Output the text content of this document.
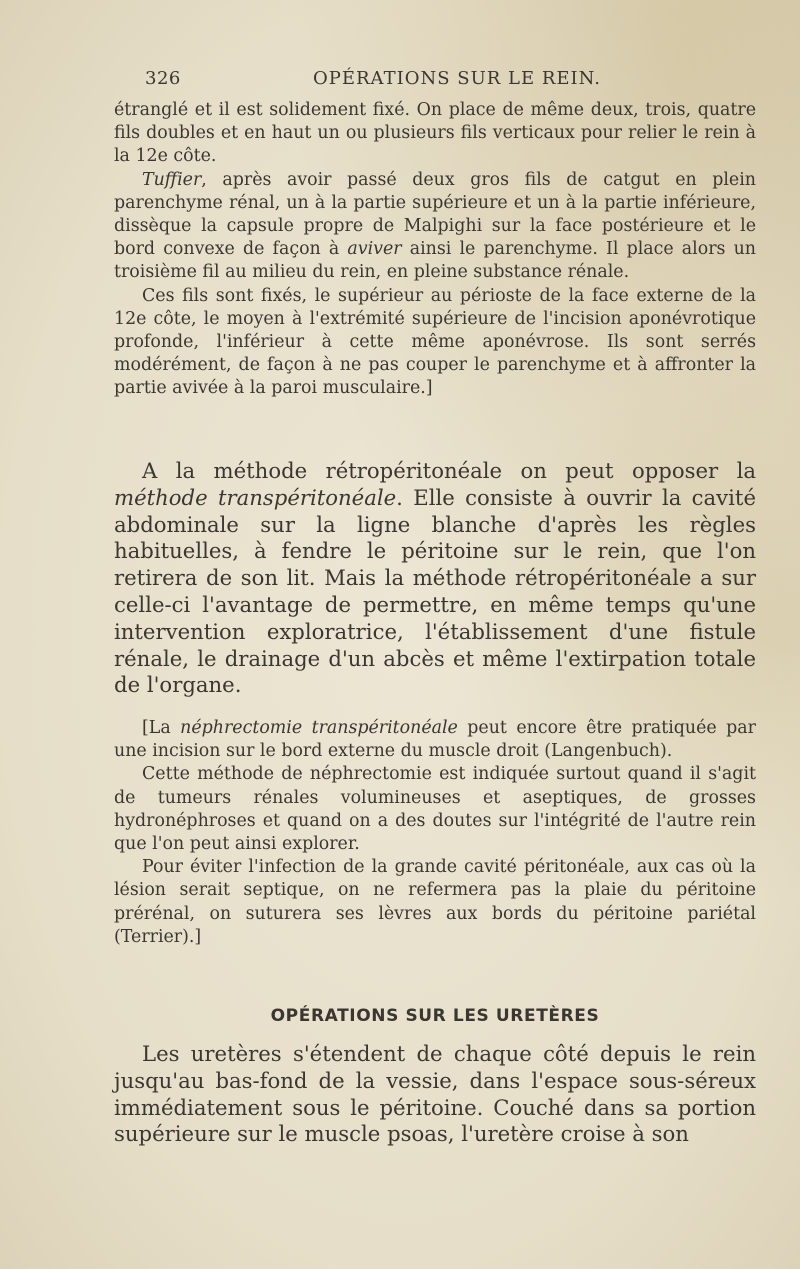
326	OPÉRATIONS SUR LE REIN.

étranglé et il est solidement fixé. On place de même deux, trois, quatre fils doubles et en haut un ou plusieurs fils verticaux pour relier le rein à la 12e côte.

Tuffier, après avoir passé deux gros fils de catgut en plein parenchyme rénal, un à la partie supérieure et un à la partie inférieure, dissèque la capsule propre de Malpighi sur la face postérieure et le bord convexe de façon à aviver ainsi le parenchyme. Il place alors un troisième fil au milieu du rein, en pleine substance rénale.

Ces fils sont fixés, le supérieur au périoste de la face externe de la 12e côte, le moyen à l'extrémité supérieure de l'incision aponévrotique profonde, l'inférieur à cette même aponévrose. Ils sont serrés modérément, de façon à ne pas couper le parenchyme et à affronter la partie avivée à la paroi musculaire.]

A la méthode rétropéritonéale on peut opposer la méthode transpéritonéale. Elle consiste à ouvrir la cavité abdominale sur la ligne blanche d'après les règles habituelles, à fendre le péritoine sur le rein, que l'on retirera de son lit. Mais la méthode rétropéritonéale a sur celle-ci l'avantage de permettre, en même temps qu'une intervention exploratrice, l'établissement d'une fistule rénale, le drainage d'un abcès et même l'extirpation totale de l'organe.

[La néphrectomie transpéritonéale peut encore être pratiquée par une incision sur le bord externe du muscle droit (Langenbuch).

Cette méthode de néphrectomie est indiquée surtout quand il s'agit de tumeurs rénales volumineuses et aseptiques, de grosses hydronéphroses et quand on a des doutes sur l'intégrité de l'autre rein que l'on peut ainsi explorer.

Pour éviter l'infection de la grande cavité péritonéale, aux cas où la lésion serait septique, on ne refermera pas la plaie du péritoine prérénal, on suturera ses lèvres aux bords du péritoine pariétal (Terrier).]

OPÉRATIONS SUR LES URETÈRES

Les uretères s'étendent de chaque côté depuis le rein jusqu'au bas-fond de la vessie, dans l'espace sous-séreux immédiatement sous le péritoine. Couché dans sa portion supérieure sur le muscle psoas, l'uretère croise à son
